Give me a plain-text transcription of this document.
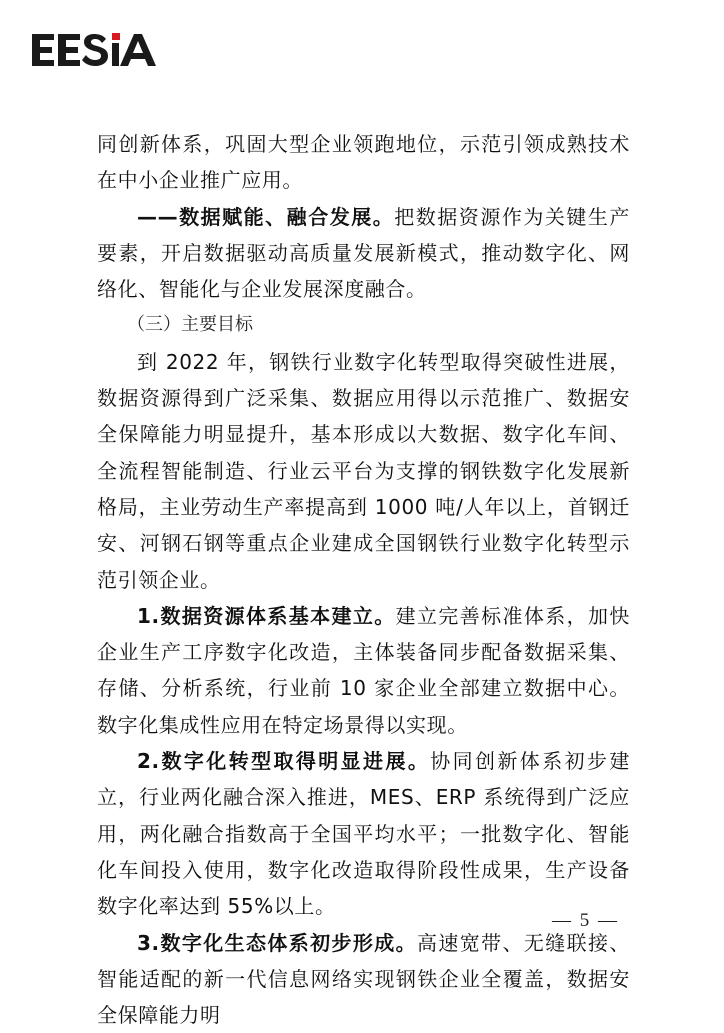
同创新体系，巩固大型企业领跑地位，示范引领成熟技术在中小企业推广应用。

——数据赋能、融合发展。把数据资源作为关键生产要素，开启数据驱动高质量发展新模式，推动数字化、网络化、智能化与企业发展深度融合。

（三）主要目标

到 2022 年，钢铁行业数字化转型取得突破性进展，数据资源得到广泛采集、数据应用得以示范推广、数据安全保障能力明显提升，基本形成以大数据、数字化车间、全流程智能制造、行业云平台为支撑的钢铁数字化发展新格局，主业劳动生产率提高到 1000 吨/人年以上，首钢迁安、河钢石钢等重点企业建成全国钢铁行业数字化转型示范引领企业。

1.数据资源体系基本建立。建立完善标准体系，加快企业生产工序数字化改造，主体装备同步配备数据采集、存储、分析系统，行业前 10 家企业全部建立数据中心。数字化集成性应用在特定场景得以实现。

2.数字化转型取得明显进展。协同创新体系初步建立，行业两化融合深入推进，MES、ERP 系统得到广泛应用，两化融合指数高于全国平均水平；一批数字化、智能化车间投入使用，数字化改造取得阶段性成果，生产设备数字化率达到 55%以上。

3.数字化生态体系初步形成。高速宽带、无缝联接、智能适配的新一代信息网络实现钢铁企业全覆盖，数据安全保障能力明

— 5 —
